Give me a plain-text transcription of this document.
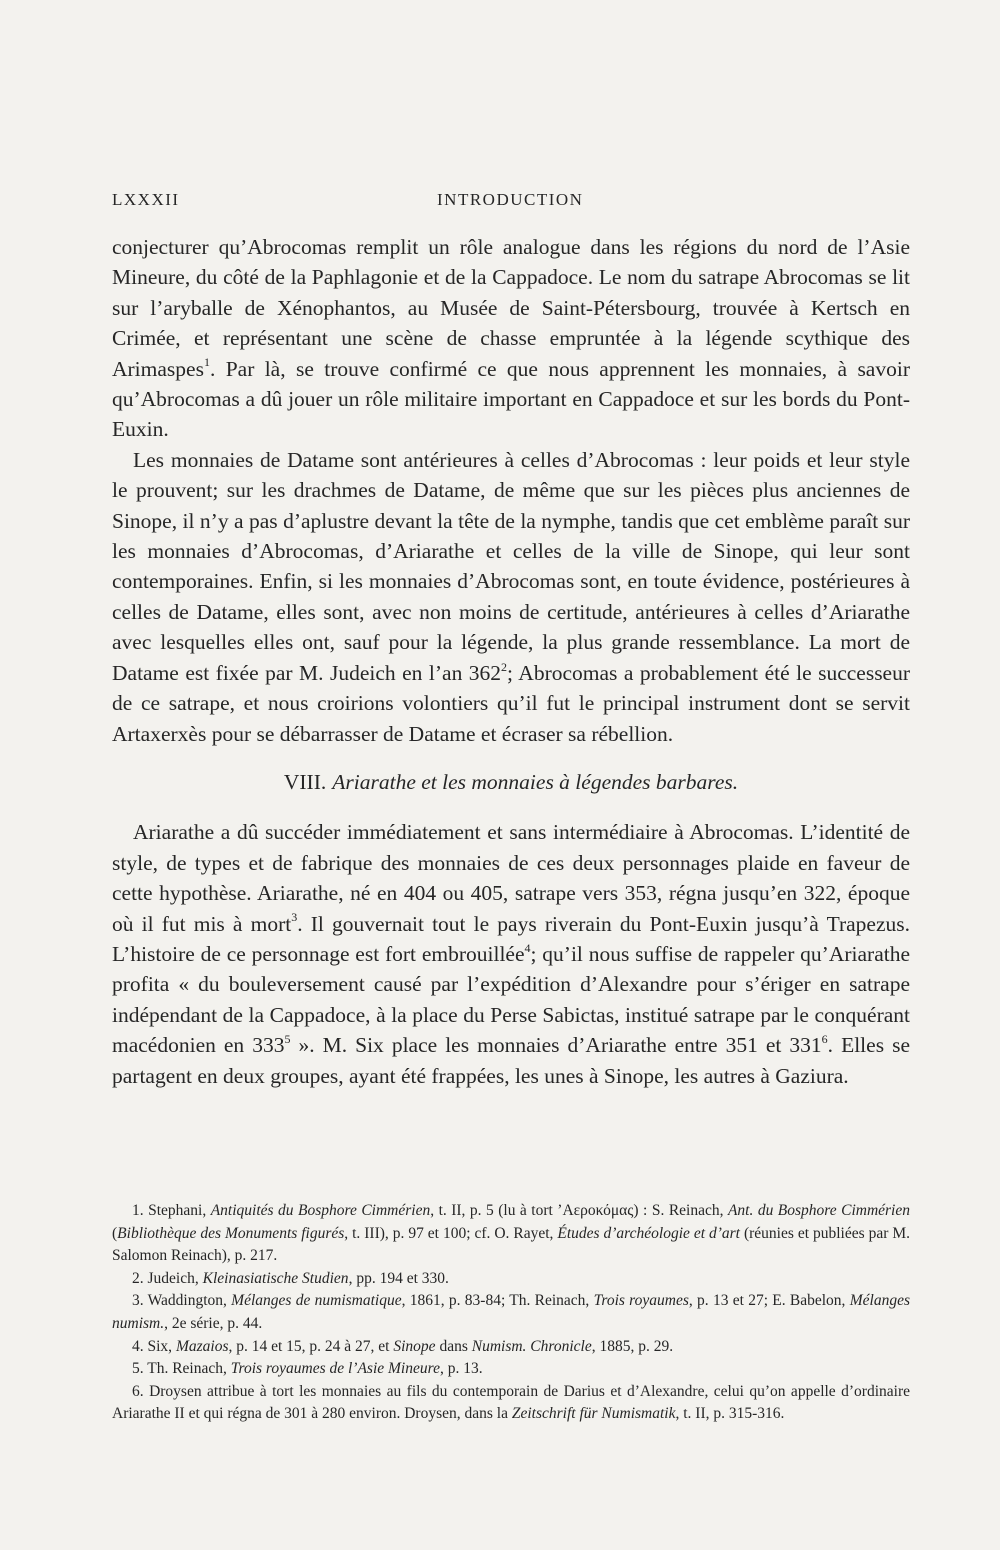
LXXXII	INTRODUCTION

conjecturer qu’Abrocomas remplit un rôle analogue dans les régions du nord de l’Asie Mineure, du côté de la Paphlagonie et de la Cappadoce. Le nom du satrape Abrocomas se lit sur l’aryballe de Xénophantos, au Musée de Saint-Pétersbourg, trouvée à Kertsch en Crimée, et représentant une scène de chasse empruntée à la légende scythique des Arimaspes$^1$. Par là, se trouve confirmé ce que nous apprennent les monnaies, à savoir qu’Abrocomas a dû jouer un rôle militaire important en Cappadoce et sur les bords du Pont-Euxin.

Les monnaies de Datame sont antérieures à celles d’Abrocomas : leur poids et leur style le prouvent; sur les drachmes de Datame, de même que sur les pièces plus anciennes de Sinope, il n’y a pas d’aplustre devant la tête de la nymphe, tandis que cet emblème paraît sur les monnaies d’Abrocomas, d’Ariarathe et celles de la ville de Sinope, qui leur sont contemporaines. Enfin, si les monnaies d’Abrocomas sont, en toute évidence, postérieures à celles de Datame, elles sont, avec non moins de certitude, antérieures à celles d’Ariarathe avec lesquelles elles ont, sauf pour la légende, la plus grande ressemblance. La mort de Datame est fixée par M. Judeich en l’an $362^2$; Abrocomas a probablement été le successeur de ce satrape, et nous croirions volontiers qu’il fut le principal instrument dont se servit Artaxerxès pour se débarrasser de Datame et écraser sa rébellion.

VIII. Ariarathe et les monnaies à légendes barbares.

Ariarathe a dû succéder immédiatement et sans intermédiaire à Abrocomas. L’identité de style, de types et de fabrique des monnaies de ces deux personnages plaide en faveur de cette hypothèse. Ariarathe, né en 404 ou 405, satrape vers 353, régna jusqu’en 322, époque où il fut mis à mort$^3$. Il gouvernait tout le pays riverain du Pont-Euxin jusqu’à Trapezus. L’histoire de ce personnage est fort embrouillée$^4$; qu’il nous suffise de rappeler qu’Ariarathe profita « du bouleversement causé par l’expédition d’Alexandre pour s’ériger en satrape indépendant de la Cappadoce, à la place du Perse Sabictas, institué satrape par le conquérant macédonien en $333^5$ ». M. Six place les monnaies d’Ariarathe entre 351 et $331^6$. Elles se partagent en deux groupes, ayant été frappées, les unes à Sinope, les autres à Gaziura.

1. Stephani, Antiquités du Bosphore Cimmérien, t. II, p. 5 (lu à tort ’Αεροκόμας) : S. Reinach, Ant. du Bosphore Cimmérien (Bibliothèque des Monuments figurés, t. III), p. 97 et 100; cf. O. Rayet, Études d’archéologie et d’art (réunies et publiées par M. Salomon Reinach), p. 217.

2. Judeich, Kleinasiatische Studien, pp. 194 et 330.

3. Waddington, Mélanges de numismatique, 1861, p. 83-84; Th. Reinach, Trois royaumes, p. 13 et 27; E. Babelon, Mélanges numism., 2e série, p. 44.

4. Six, Mazaios, p. 14 et 15, p. 24 à 27, et Sinope dans Numism. Chronicle, 1885, p. 29.

5. Th. Reinach, Trois royaumes de l’Asie Mineure, p. 13.

6. Droysen attribue à tort les monnaies au fils du contemporain de Darius et d’Alexandre, celui qu’on appelle d’ordinaire Ariarathe II et qui régna de 301 à 280 environ. Droysen, dans la Zeitschrift für Numismatik, t. II, p. 315-316.
